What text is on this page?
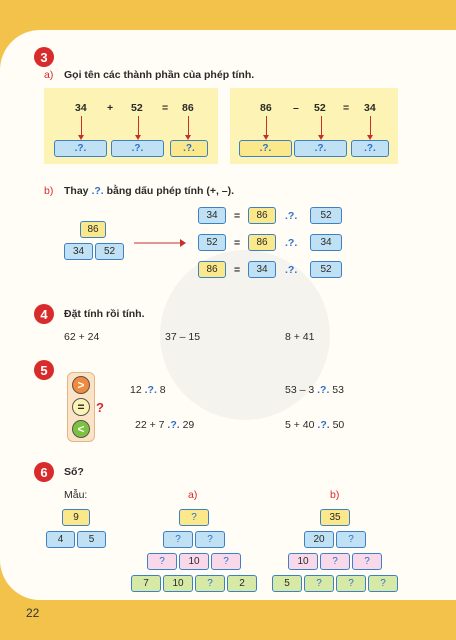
3
a) Gọi tên các thành phần của phép tính.
34 + 52 = 86
.?.	.?.	.?.
86 – 52 = 34
.?.	.?.	.?.
b) Thay .?. bằng dấu phép tính (+, –).
86
34	52
34	=	86	.?.	52
52	=	86	.?.	34
86	=	34	.?.	52
4	Đặt tính rồi tính.
62 + 24	37 – 15	8 + 41
5
>
=
<
?
12 .?. 8	53 – 3 .?. 53
22 + 7 .?. 29	5 + 40 .?. 50
6	Số?
Mẫu:	a)	b)
9
4	5
?
?	?
?	10	?
7	10	?	2
35
20	?
10	?	?
5	?	?	?
22
